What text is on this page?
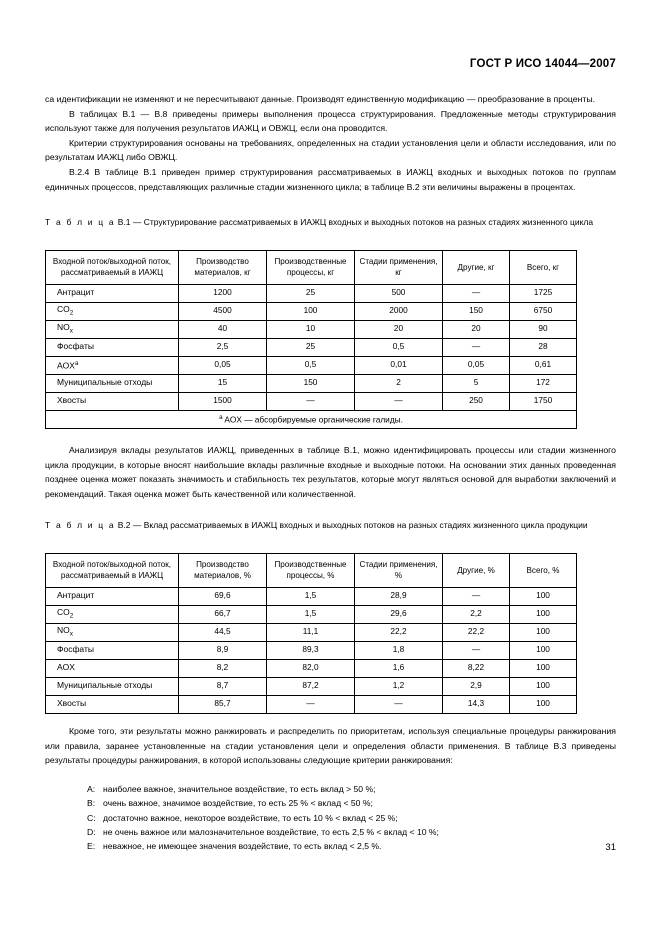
ГОСТ Р ИСО 14044—2007

са идентификации не изменяют и не пересчитывают данные. Производят единственную модификацию — преобразование в проценты.

В таблицах B.1 — B.8 приведены примеры выполнения процесса структурирования. Предложенные методы структурирования используют также для получения результатов ИАЖЦ и ОВЖЦ, если она проводится.

Критерии структурирования основаны на требованиях, определенных на стадии установления цели и области исследования, или по результатам ИАЖЦ либо ОВЖЦ.

B.2.4 В таблице B.1 приведен пример структурирования рассматриваемых в ИАЖЦ входных и выходных потоков по группам единичных процессов, представляющих различные стадии жизненного цикла; в таблице B.2 эти величины выражены в процентах.

Т а б л и ц а B.1 — Структурирование рассматриваемых в ИАЖЦ входных и выходных потоков на разных стадиях жизненного цикла

Входной поток/выходной поток, рассматриваемый в ИАЖЦ	Производство материалов, кг	Производственные процессы, кг	Стадии применения, кг	Другие, кг	Всего, кг
Антрацит	1200	25	500	—	1725
$CO_2$	4500	100	2000	150	6750
$NO_x$	40	10	20	20	90
Фосфаты	2,5	25	0,5	—	28
AOX$^a$	0,05	0,5	0,01	0,05	0,61
Муниципальные отходы	15	150	2	5	172
Хвосты	1500	—	—	250	1750
$^a$ AOX — абсорбируемые органические галиды.					

Анализируя вклады результатов ИАЖЦ, приведенных в таблице B.1, можно идентифицировать процессы или стадии жизненного цикла продукции, в которые вносят наибольшие вклады различные входные и выходные потоки. На основании этих данных проведенная позднее оценка может показать значимость и стабильность тех результатов, которые могут являться основой для выработки заключений и рекомендаций. Такая оценка может быть качественной или количественной.

Т а б л и ц а B.2 — Вклад рассматриваемых в ИАЖЦ входных и выходных потоков на разных стадиях жизненного цикла продукции

Входной поток/выходной поток, рассматриваемый в ИАЖЦ	Производство материалов, %	Производственные процессы, %	Стадии применения, %	Другие, %	Всего, %
Антрацит	69,6	1,5	28,9	—	100
$CO_2$	66,7	1,5	29,6	2,2	100
$NO_x$	44,5	11,1	22,2	22,2	100
Фосфаты	8,9	89,3	1,8	—	100
AOX	8,2	82,0	1,6	8,22	100
Муниципальные отходы	8,7	87,2	1,2	2,9	100
Хвосты	85,7	—	—	14,3	100

Кроме того, эти результаты можно ранжировать и распределить по приоритетам, используя специальные процедуры ранжирования или правила, заранее установленные на стадии установления цели и определения области применения. В таблице B.3 приведены результаты процедуры ранжирования, в которой использованы следующие критерии ранжирования:

A: наиболее важное, значительное воздействие, то есть вклад > 50 %;
B: очень важное, значимое воздействие, то есть 25 % < вклад < 50 %;
C: достаточно важное, некоторое воздействие, то есть 10 % < вклад < 25 %;
D: не очень важное или малозначительное воздействие, то есть 2,5 % < вклад < 10 %;
E: неважное, не имеющее значения воздействие, то есть вклад < 2,5 %.	31
